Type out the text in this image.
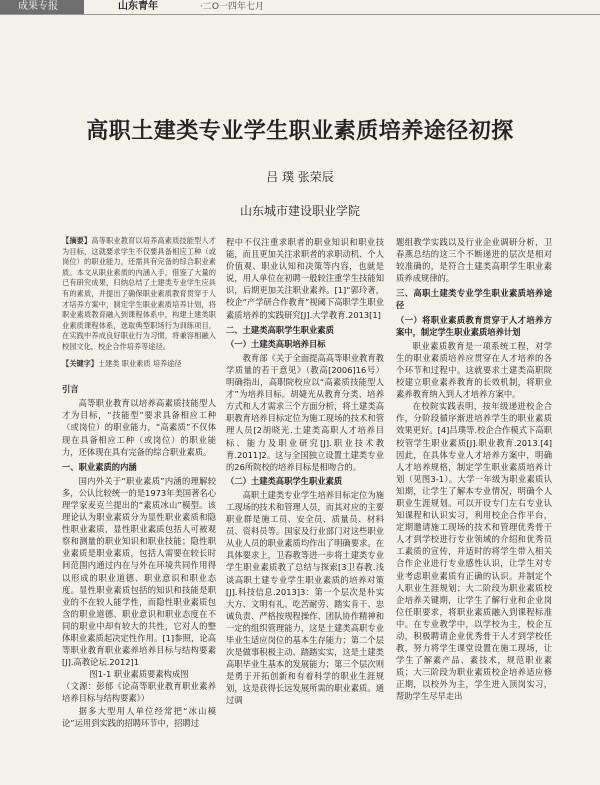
成果专报	山东青年	·二O一四年七月
高职土建类专业学生职业素质培养途径初探
吕 璞 张荣辰
山东城市建设职业学院
【摘要】高等职业教育以培养高素质技能型人才为目标，这就要求学生不仅要具备相应工种（或岗位）的职业能力，还需具有完备的综合职业素质。本文从职业素质的内涵入手，借鉴了大量的已有研究成果，归纳总结了土建类专业学生应具有的素质，并提出了确保职业素质教育贯穿于人才培养方案中，制定学生职业素质培养计划，将职业素质教育融入到课程体系中，构建土建类职业素质课程体系，选取典型职场行为训练项目，在实践中养成良好职业行为习惯，将兼容相融入校园文化，校企合作培养等途径。
【关键字】土建类 职业素质 培养途径
引言

高等职业教育以培养高素质技能型人才为目标，“技能型”要求具备相应工种（或岗位）的职业能力，“高素质”不仅体现在具备相应工种（或岗位）的职业能力，还体现在具有完备的综合职业素质。

一、职业素质的内涵

国内外关于“职业素质”内涵的理解较多，公认比较统一的是1973年美国著名心理学家麦克兰提出的“素质冰山”模型。该理论认为职业素质分为显性职业素质和隐性职业素质，显性职业素质包括人可被观察和测量的职业知识和职业技能；隐性职业素质是职业素质，包括人需要在较长时间范围内通过内在与外在环境共同作用得以形成的职业道德、职业意识和职业态度。显性职业素质包括的知识和技能是职业的不在较人能学性，而隐性职业素质包含的职业道德、职业意识和职业态度在不同的职业中却有较大的共性，它对人的整体职业素质起决定性作用。[1]参照，论高等职业教育职业素养培养目标与结构要素[J].高教论坛.2012]1

图1-1 职业素质要素构成图

（文源：彭郁《论高等职业教育职业素养培养目标与结构要素》）

据多大型用人单位经常把“冰山模论”运用到实践的招聘环节中，招聘过

程中不仅注重求职者的职业知识和职业技能，而且更加关注求职者的求职动机、个人价值观、职业认知和决策等内容，也就是说，用人单位在初聘一般较注重学生技能知识，后期更加关注职业素养。[1]“郭玲著，校企“产学研合作教育”视阈下高职学生职业素质培养的实践研究[J].大学教育.2013[1]

二、土建类高职学生职业素质
（一）土建类高职培养目标

教育部《关于全面提高高等职业教育教学质量的若干意见》（教高[2006]16号）明确指出，高职院校应以“高素质技能型人才”为培养目标。胡婕光从教育分类、培养方式和人才需求三个方面分析，将土建类高职教育培养目标定位为施工现场的技术和管理人员[2胡晓光.土建类高职人才培养目标、能力及职业研究[J].职业技术教育.2011]2。这与全国独立设置土建类专业的26所院校的培养目标是相吻合的。

（二）土建类高职学生职业素质

高职土建类专业学生培养目标定位为施工现场的技术和管理人员，而其对应的主要职业群是施工员、安全员、质量员、材料员、资料员等。国家及行业部门对这些职业从业人员的职业素质均作出了明确要求。在具体要求上，卫春教等进一步将土建类专业学生职业素质教了总结与探索[3卫春教.浅谈高职土建专业学生职业素质的培养对策[J].科技信息.2013]3：第一个层次是朴实大方、文明有礼、吃苦耐劳、踏实肯干、忠诚负责、严格按规程操作、团队协作精神和一定的组织管理能力，这是土建类高职专业毕业生适应岗位的基本生存能力；第二个层次是做事积极主动、踏踏实实，这是土建类高职毕业生基本的发展能力；第三个层次则是勇于开拓创新和有着科学的职业生涯规划，这是获得长远发展所需的职业素质。通过调

题组教学实践以及行业企业调研分析，卫春燕总结的这三个不断递进的层次是相对较准确的，是符合土建类高职学生职业素质养成规律的。

三、高职土建类专业学生职业素质培养途径
（一）将职业素质教育贯穿于人才培养方案中，制定学生职业素质培养计划

职业素质教育是一项系统工程，对学生的职业素质培养应贯穿在人才培养的各个环节和过程中。这就要求土建类高职院校建立职业素养教育的长效机制，将职业素养教育纳入到人才培养方案中。

在校院实践表明，按年级递进校企合作，分阶段循序渐进培养学生的职业素质效果更好。[4]吕璞等.校企合作模式下高职校管学生职业素质[J].职业教育.2013.[4]因此，在具体专业人才培养方案中，明确人才培养规格，制定学生职业素质培养计划（见图3-1）。大学一年级为职业素质认知期，让学生了解本专业情况，明确个人职业生涯规划。可以开设专门左右专业认知课程和认识实习，利用校企合作平台，定期邀请施工现场的技术和管理优秀骨干人才到学校进行专业领域的介绍和优秀员工素质的宣传，并适时的将学生带入相关合作企业进行专业感性认识，让学生对专业考虑职业素质有正确的认识。并制定个人职业生涯规划；大二阶段为职业素质校企培养关键期，让学生了解行业和企业岗位任职要求，将职业素质融入到课程标准中。在专业教学中，以学校为主，校企互动，积极聘请企业优秀骨干人才到学校任教，努力将学生课堂设置在施工现场，让学生了解素产品、素技术，规范职业素质；大三阶段为职业素质校企培养适应修正期，以校外为主，学生进入顶岗实习，帮助学生尽早走出
